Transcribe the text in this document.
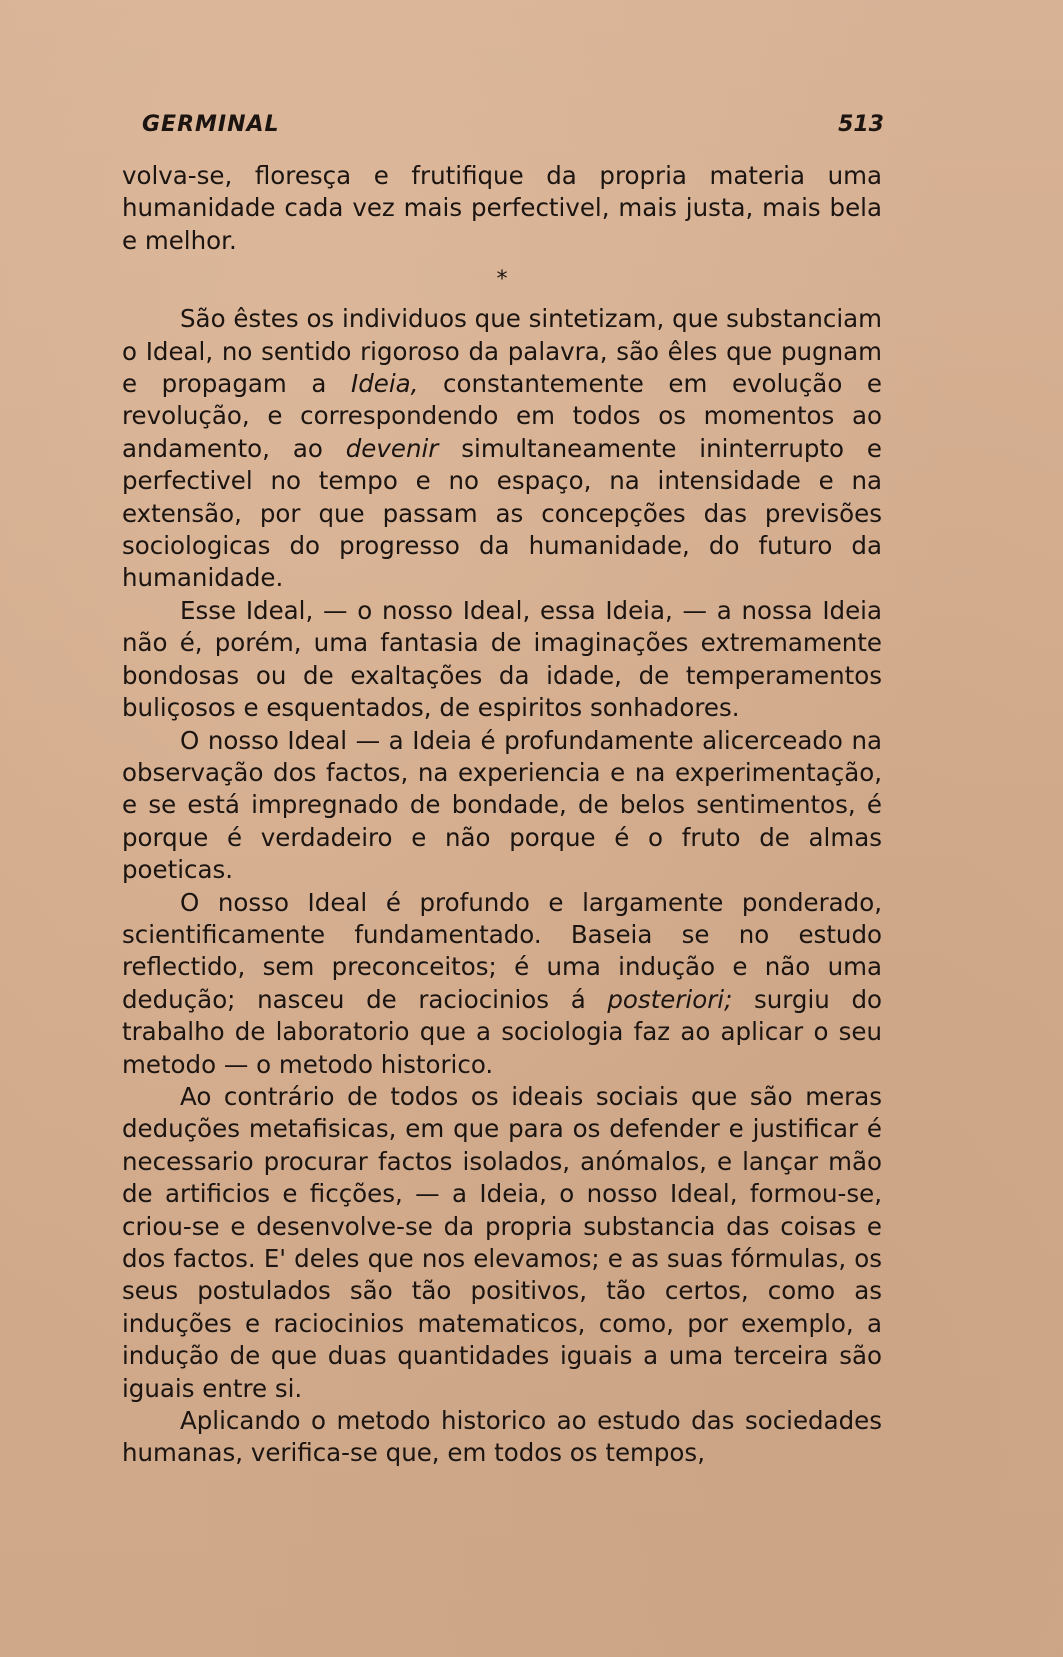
GERMINAL	513

volva-se, floresça e frutifique da propria materia uma humanidade cada vez mais perfectivel, mais justa, mais bela e melhor.

*

São êstes os individuos que sintetizam, que substanciam o Ideal, no sentido rigoroso da palavra, são êles que pugnam e propagam a Ideia, constantemente em evolução e revolução, e correspondendo em todos os momentos ao andamento, ao devenir simultaneamente ininterrupto e perfectivel no tempo e no espaço, na intensidade e na extensão, por que passam as concepções das previsões sociologicas do progresso da humanidade, do futuro da humanidade.

Esse Ideal, — o nosso Ideal, essa Ideia, — a nossa Ideia não é, porém, uma fantasia de imaginações extremamente bondosas ou de exaltações da idade, de temperamentos buliçosos e esquentados, de espiritos sonhadores.

O nosso Ideal — a Ideia é profundamente alicerceado na observação dos factos, na experiencia e na experimentação, e se está impregnado de bondade, de belos sentimentos, é porque é verdadeiro e não porque é o fruto de almas poeticas.

O nosso Ideal é profundo e largamente ponderado, scientificamente fundamentado. Baseia se no estudo reflectido, sem preconceitos; é uma indução e não uma dedução; nasceu de raciocinios á posteriori; surgiu do trabalho de laboratorio que a sociologia faz ao aplicar o seu metodo — o metodo historico.

Ao contrário de todos os ideais sociais que são meras deduções metafisicas, em que para os defender e justificar é necessario procurar factos isolados, anómalos, e lançar mão de artificios e ficções, — a Ideia, o nosso Ideal, formou-se, criou-se e desenvolve-se da propria substancia das coisas e dos factos. E' deles que nos elevamos; e as suas fórmulas, os seus postulados são tão positivos, tão certos, como as induções e raciocinios matematicos, como, por exemplo, a indução de que duas quantidades iguais a uma terceira são iguais entre si.

Aplicando o metodo historico ao estudo das sociedades humanas, verifica-se que, em todos os tempos,
